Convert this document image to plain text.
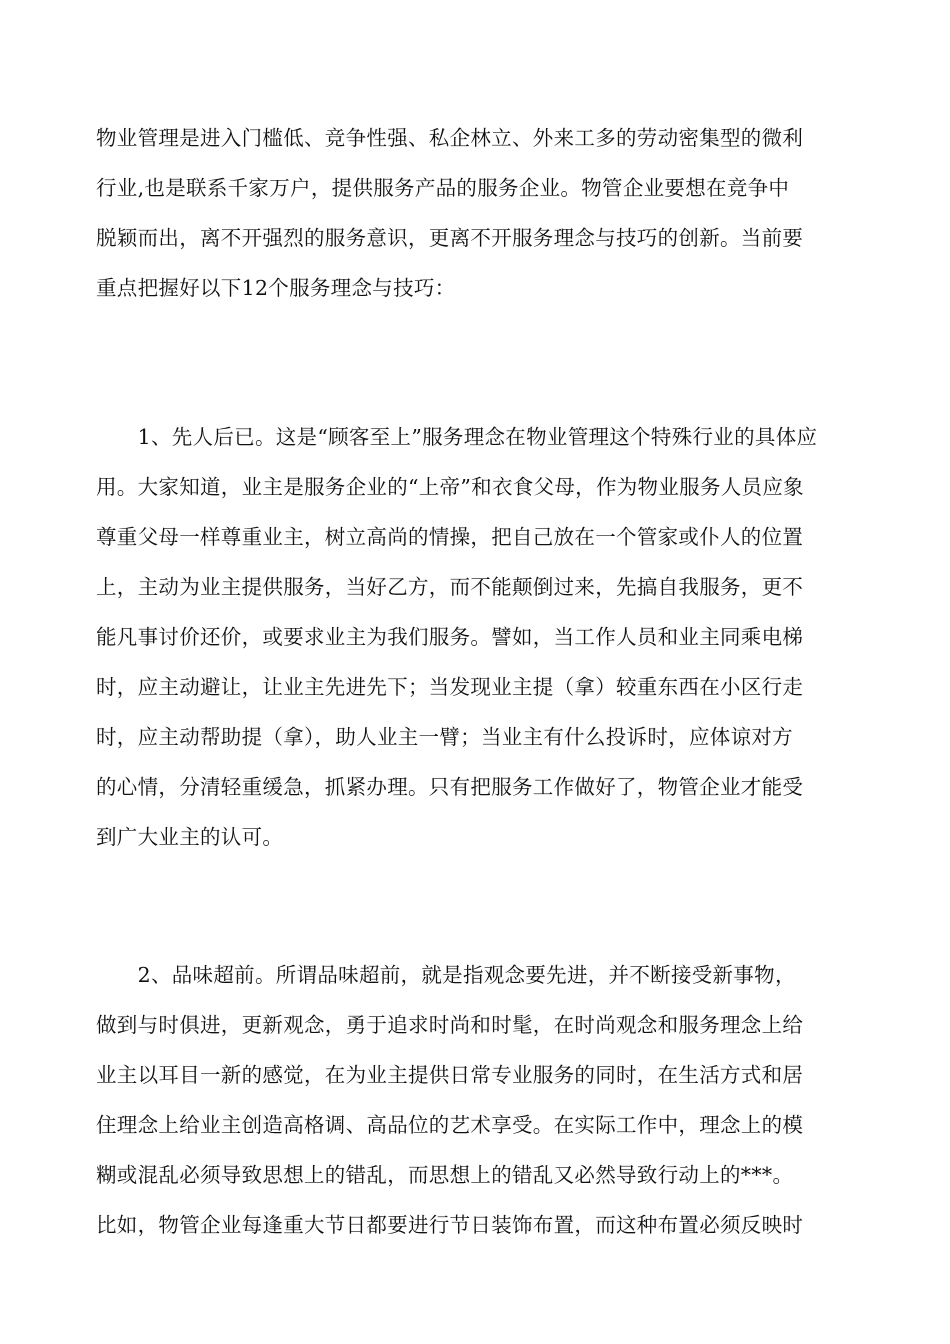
物业管理是进入门槛低、竞争性强、私企林立、外来工多的劳动密集型的微利
行业,也是联系千家万户，提供服务产品的服务企业。物管企业要想在竞争中
脱颖而出，离不开强烈的服务意识，更离不开服务理念与技巧的创新。当前要
重点把握好以下12个服务理念与技巧：
　　1、先人后已。这是“顾客至上”服务理念在物业管理这个特殊行业的具体应
用。大家知道，业主是服务企业的“上帝”和衣食父母，作为物业服务人员应象
尊重父母一样尊重业主，树立高尚的情操，把自己放在一个管家或仆人的位置
上，主动为业主提供服务，当好乙方，而不能颠倒过来，先搞自我服务，更不
能凡事讨价还价，或要求业主为我们服务。譬如，当工作人员和业主同乘电梯
时，应主动避让，让业主先进先下；当发现业主提（拿）较重东西在小区行走
时，应主动帮助提（拿），助人业主一臂；当业主有什么投诉时，应体谅对方
的心情，分清轻重缓急，抓紧办理。只有把服务工作做好了，物管企业才能受
到广大业主的认可。
　　2、品味超前。所谓品味超前，就是指观念要先进，并不断接受新事物，
做到与时俱进，更新观念，勇于追求时尚和时髦，在时尚观念和服务理念上给
业主以耳目一新的感觉，在为业主提供日常专业服务的同时，在生活方式和居
住理念上给业主创造高格调、高品位的艺术享受。在实际工作中，理念上的模
糊或混乱必须导致思想上的错乱，而思想上的错乱又必然导致行动上的***。
比如，物管企业每逢重大节日都要进行节日装饰布置，而这种布置必须反映时
